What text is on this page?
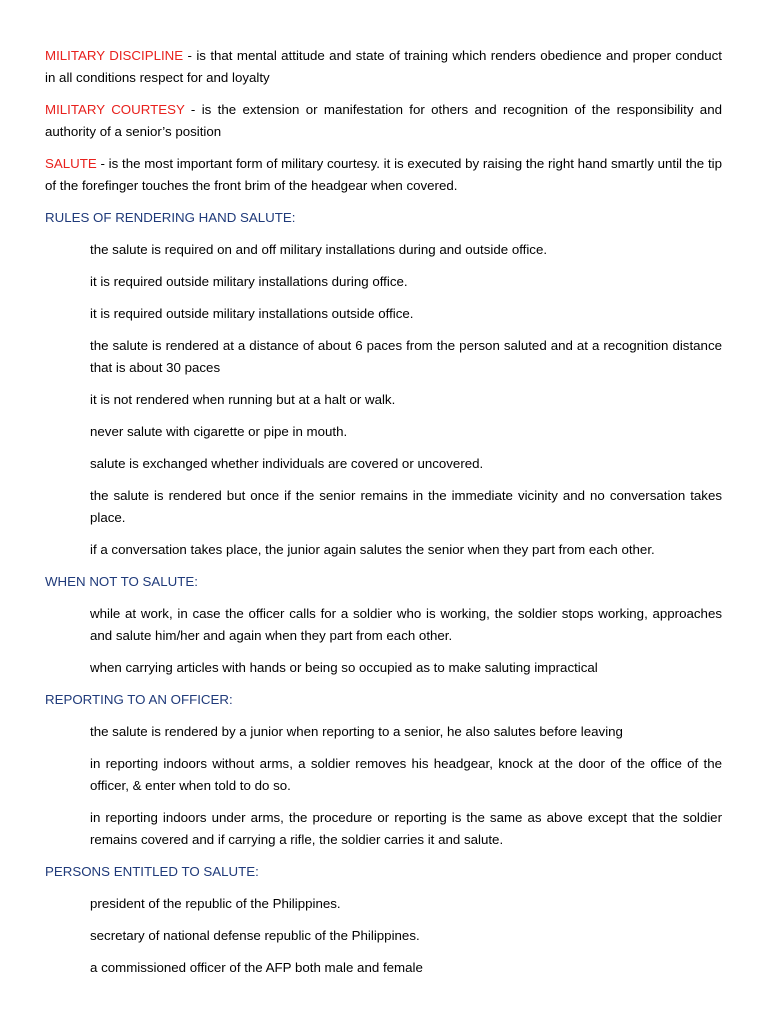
MILITARY DISCIPLINE - is that mental attitude and state of training which renders obedience and proper conduct in all conditions respect for and loyalty

MILITARY COURTESY - is the extension or manifestation for others and recognition of the responsibility and authority of a senior’s position

SALUTE - is the most important form of military courtesy. it is executed by raising the right hand smartly until the tip of the forefinger touches the front brim of the headgear when covered.

RULES OF RENDERING HAND SALUTE:

the salute is required on and off military installations during and outside office.

it is required outside military installations during office.

it is required outside military installations outside office.

the salute is rendered at a distance of about 6 paces from the person saluted and at a recognition distance that is about 30 paces

it is not rendered when running but at a halt or walk.

never salute with cigarette or pipe in mouth.

salute is exchanged whether individuals are covered or uncovered.

the salute is rendered but once if the senior remains in the immediate vicinity and no conversation takes place.

if a conversation takes place, the junior again salutes the senior when they part from each other.

WHEN NOT TO SALUTE:

while at work, in case the officer calls for a soldier who is working, the soldier stops working, approaches and salute him/her and again when they part from each other.

when carrying articles with hands or being so occupied as to make saluting impractical

REPORTING TO AN OFFICER:

the salute is rendered by a junior when reporting to a senior, he also salutes before leaving

in reporting indoors without arms, a soldier removes his headgear, knock at the door of the office of the officer, & enter when told to do so.

in reporting indoors under arms, the procedure or reporting is the same as above except that the soldier remains covered and if carrying a rifle, the soldier carries it and salute.

PERSONS ENTITLED TO SALUTE:

president of the republic of the Philippines.

secretary of national defense republic of the Philippines.

a commissioned officer of the AFP both male and female
